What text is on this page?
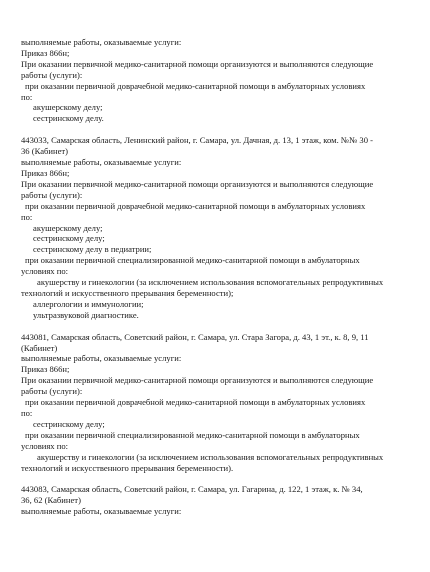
выполняемые работы, оказываемые услуги:
Приказ 866н;
При оказании первичной медико-санитарной помощи организуются и выполняются следующие
работы (услуги):
при оказании первичной доврачебной медико-санитарной помощи в амбулаторных условиях
по:
акушерскому делу;
сестринскому делу.
443033, Самарская область, Ленинский район, г. Самара, ул. Дачная, д. 13, 1 этаж, ком. №№ 30 -
36 (Кабинет)
выполняемые работы, оказываемые услуги:
Приказ 866н;
При оказании первичной медико-санитарной помощи организуются и выполняются следующие
работы (услуги):
при оказании первичной доврачебной медико-санитарной помощи в амбулаторных условиях
по:
акушерскому делу;
сестринскому делу;
сестринскому делу в педиатрии;
при оказании первичной специализированной медико-санитарной помощи в амбулаторных
условиях по:
акушерству и гинекологии (за исключением использования вспомогательных репродуктивных
технологий и искусственного прерывания беременности);
аллергологии и иммунологии;
ультразвуковой диагностике.
443081, Самарская область, Советский район, г. Самара, ул. Стара Загора, д. 43, 1 эт., к. 8, 9, 11
(Кабинет)
выполняемые работы, оказываемые услуги:
Приказ 866н;
При оказании первичной медико-санитарной помощи организуются и выполняются следующие
работы (услуги):
при оказании первичной доврачебной медико-санитарной помощи в амбулаторных условиях
по:
сестринскому делу;
при оказании первичной специализированной медико-санитарной помощи в амбулаторных
условиях по:
акушерству и гинекологии (за исключением использования вспомогательных репродуктивных
технологий и искусственного прерывания беременности).
443083, Самарская область, Советский район, г. Самара, ул. Гагарина, д. 122, 1 этаж, к. № 34,
36, 62 (Кабинет)
выполняемые работы, оказываемые услуги:
